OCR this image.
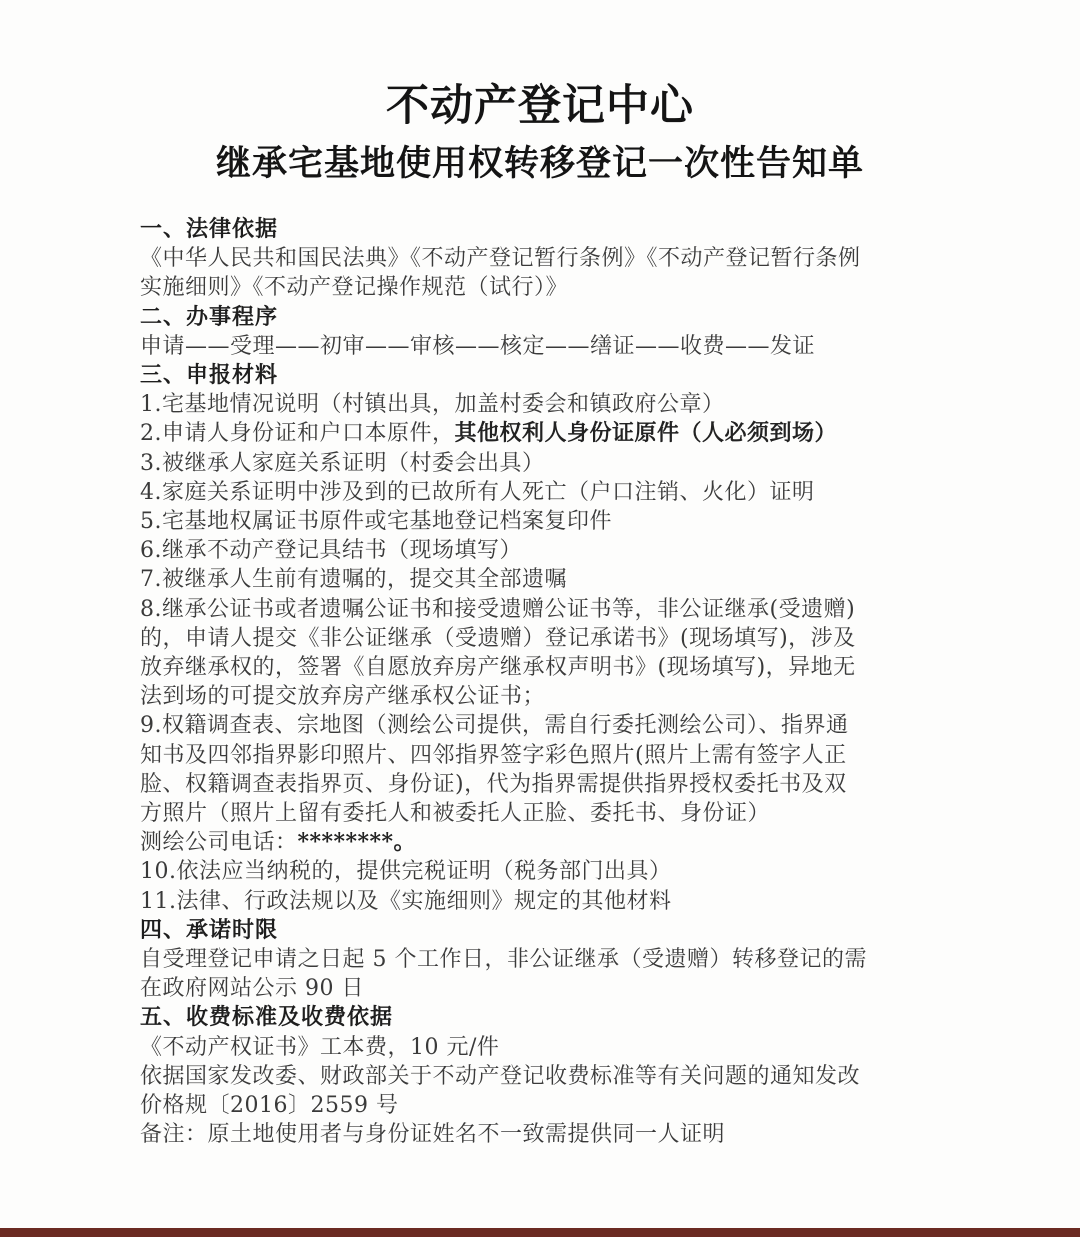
不动产登记中心
继承宅基地使用权转移登记一次性告知单
一、法律依据
《中华人民共和国民法典》《不动产登记暂行条例》《不动产登记暂行条例
实施细则》《不动产登记操作规范（试行）》
二、办事程序
申请——受理——初审——审核——核定——缮证——收费——发证
三、申报材料
1.宅基地情况说明（村镇出具，加盖村委会和镇政府公章）
2.申请人身份证和户口本原件，其他权利人身份证原件（人必须到场）
3.被继承人家庭关系证明（村委会出具）
4.家庭关系证明中涉及到的已故所有人死亡（户口注销、火化）证明
5.宅基地权属证书原件或宅基地登记档案复印件
6.继承不动产登记具结书（现场填写）
7.被继承人生前有遗嘱的，提交其全部遗嘱
8.继承公证书或者遗嘱公证书和接受遗赠公证书等，非公证继承(受遗赠)
的，申请人提交《非公证继承（受遗赠）登记承诺书》(现场填写)，涉及
放弃继承权的，签署《自愿放弃房产继承权声明书》(现场填写)，异地无
法到场的可提交放弃房产继承权公证书；
9.权籍调查表、宗地图（测绘公司提供，需自行委托测绘公司）、指界通
知书及四邻指界影印照片、四邻指界签字彩色照片(照片上需有签字人正
脸、权籍调查表指界页、身份证)，代为指界需提供指界授权委托书及双
方照片（照片上留有委托人和被委托人正脸、委托书、身份证）
测绘公司电话：********。
10.依法应当纳税的，提供完税证明（税务部门出具）
11.法律、行政法规以及《实施细则》规定的其他材料
四、承诺时限
自受理登记申请之日起 5 个工作日，非公证继承（受遗赠）转移登记的需
在政府网站公示 90 日
五、收费标准及收费依据
《不动产权证书》工本费，10 元/件
依据国家发改委、财政部关于不动产登记收费标准等有关问题的通知发改
价格规〔2016〕2559 号
备注：原土地使用者与身份证姓名不一致需提供同一人证明
